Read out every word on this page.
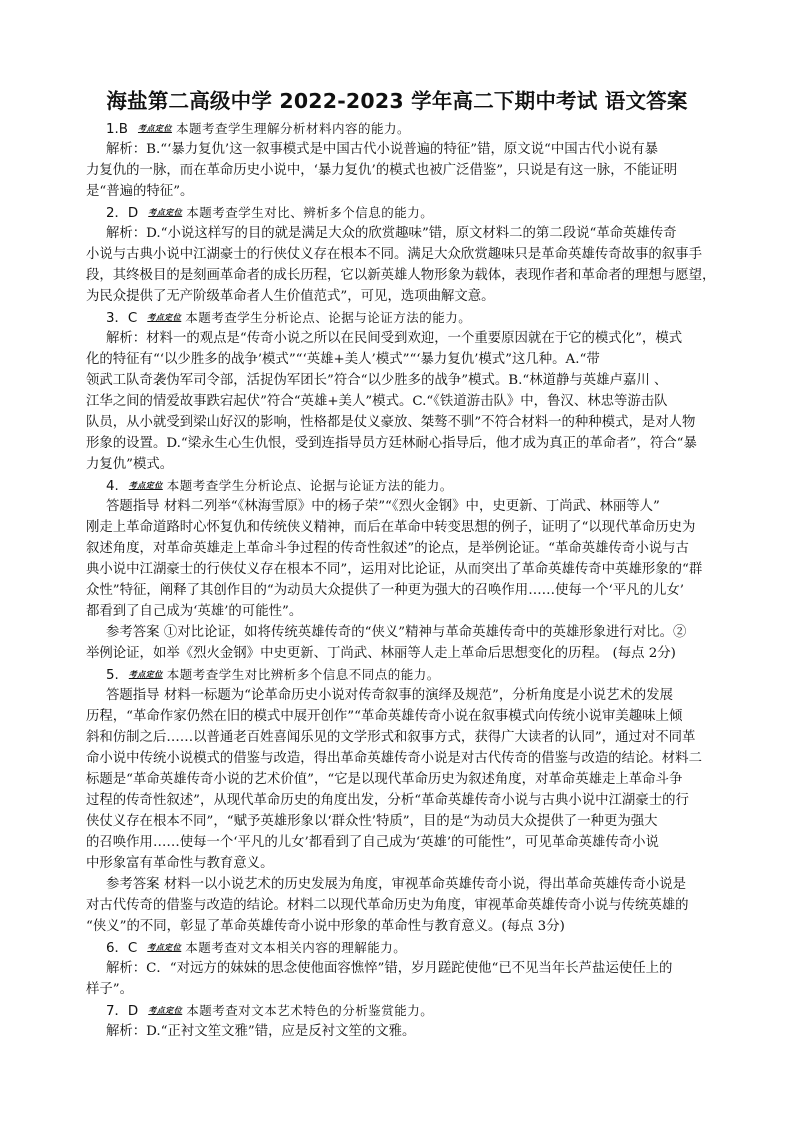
海盐第二高级中学 2022-2023 学年高二下期中考试 语文答案
1.B 考点定位 本题考查学生理解分析材料内容的能力。
解析：B.“‘暴力复仇’这一叙事模式是中国古代小说普遍的特征”错，原文说“中国古代小说有暴
力复仇的一脉，而在革命历史小说中，‘暴力复仇’的模式也被广泛借鉴”，只说是有这一脉，不能证明
是“普遍的特征”。
2．D 考点定位 本题考查学生对比、辨析多个信息的能力。
解析：D.“小说这样写的目的就是满足大众的欣赏趣味”错，原文材料二的第二段说“革命英雄传奇
小说与古典小说中江湖豪士的行侠仗义存在根本不同。满足大众欣赏趣味只是革命英雄传奇故事的叙事手
段，其终极目的是刻画革命者的成长历程，它以新英雄人物形象为载体，表现作者和革命者的理想与愿望，
为民众提供了无产阶级革命者人生价值范式”，可见，选项曲解文意。
3．C 考点定位 本题考查学生分析论点、论据与论证方法的能力。
解析：材料一的观点是“传奇小说之所以在民间受到欢迎，一个重要原因就在于它的模式化”，模式
化的特征有“‘以少胜多的战争’模式”“‘英雄+美人’模式”“‘暴力复仇’模式”这几种。A.“带
领武工队奇袭伪军司令部，活捉伪军团长”符合“以少胜多的战争”模式。B.“林道静与英雄卢嘉川 、
江华之间的情爱故事跌宕起伏”符合“英雄+美人”模式。C.“《铁道游击队》中，鲁汉、林忠等游击队
队员，从小就受到梁山好汉的影响，性格都是仗义豪放、桀骜不驯”不符合材料一的种种模式，是对人物
形象的设置。D.“梁永生心生仇恨，受到连指导员方廷林耐心指导后，他才成为真正的革命者”，符合“暴
力复仇”模式。
4. 考点定位 本题考查学生分析论点、论据与论证方法的能力。
答题指导 材料二列举“《林海雪原》中的杨子荣”“《烈火金钢》中，史更新、丁尚武、林丽等人”
刚走上革命道路时心怀复仇和传统侠义精神，而后在革命中转变思想的例子，证明了“以现代革命历史为
叙述角度，对革命英雄走上革命斗争过程的传奇性叙述”的论点，是举例论证。“革命英雄传奇小说与古
典小说中江湖豪士的行侠仗义存在根本不同”，运用对比论证，从而突出了革命英雄传奇中英雄形象的“群
众性”特征，阐释了其创作目的“为动员大众提供了一种更为强大的召唤作用……使每一个‘平凡的儿女’
都看到了自己成为‘英雄’的可能性”。
参考答案 ①对比论证，如将传统英雄传奇的“侠义”精神与革命英雄传奇中的英雄形象进行对比。②
举例论证，如举《烈火金钢》中史更新、丁尚武、林丽等人走上革命后思想变化的历程。 (每点 2分)
5. 考点定位 本题考查学生对比辨析多个信息不同点的能力。
答题指导 材料一标题为“论革命历史小说对传奇叙事的演绎及规范”，分析角度是小说艺术的发展
历程，“革命作家仍然在旧的模式中展开创作”“革命英雄传奇小说在叙事模式向传统小说审美趣味上倾
斜和仿制之后……以普通老百姓喜闻乐见的文学形式和叙事方式，获得广大读者的认同”，通过对不同革
命小说中传统小说模式的借鉴与改造，得出革命英雄传奇小说是对古代传奇的借鉴与改造的结论。材料二
标题是“革命英雄传奇小说的艺术价值”，“它是以现代革命历史为叙述角度，对革命英雄走上革命斗争
过程的传奇性叙述”，从现代革命历史的角度出发，分析“革命英雄传奇小说与古典小说中江湖豪士的行
侠仗义存在根本不同”，“赋予英雄形象以‘群众性’特质”，目的是“为动员大众提供了一种更为强大
的召唤作用……使每一个‘平凡的儿女’都看到了自己成为‘英雄’的可能性”，可见革命英雄传奇小说
中形象富有革命性与教育意义。
参考答案 材料一以小说艺术的历史发展为角度，审视革命英雄传奇小说，得出革命英雄传奇小说是
对古代传奇的借鉴与改造的结论。材料二以现代革命历史为角度，审视革命英雄传奇小说与传统英雄的
“侠义”的不同，彰显了革命英雄传奇小说中形象的革命性与教育意义。(每点 3分)
6．C 考点定位 本题考查对文本相关内容的理解能力。
解析：C．“对远方的妹妹的思念使他面容憔悴”错，岁月蹉跎使他“已不见当年长芦盐运使任上的
样子”。
7．D 考点定位 本题考查对文本艺术特色的分析鉴赏能力。
解析：D.“正衬文笙文雅”错，应是反衬文笙的文雅。
